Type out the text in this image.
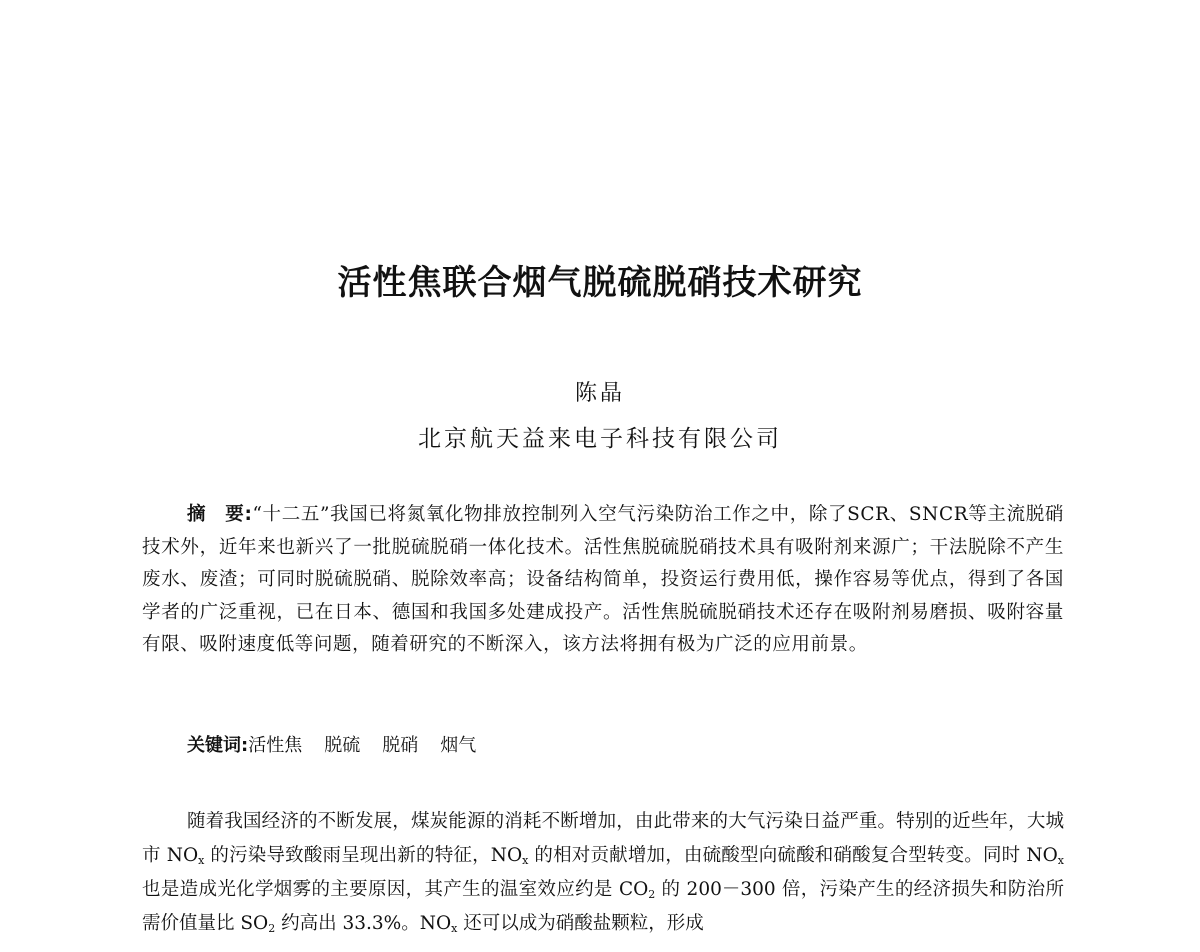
活性焦联合烟气脱硫脱硝技术研究
陈晶
北京航天益来电子科技有限公司
摘　要:“十二五”我国已将氮氧化物排放控制列入空气污染防治工作之中，除了SCR、SNCR等主流脱硝技术外，近年来也新兴了一批脱硫脱硝一体化技术。活性焦脱硫脱硝技术具有吸附剂来源广；干法脱除不产生废水、废渣；可同时脱硫脱硝、脱除效率高；设备结构简单，投资运行费用低，操作容易等优点，得到了各国学者的广泛重视，已在日本、德国和我国多处建成投产。活性焦脱硫脱硝技术还存在吸附剂易磨损、吸附容量有限、吸附速度低等问题，随着研究的不断深入，该方法将拥有极为广泛的应用前景。
关键词:活性焦 脱硫 脱硝 烟气
随着我国经济的不断发展，煤炭能源的消耗不断增加，由此带来的大气污染日益严重。特别的近些年，大城市 $NO_x$ 的污染导致酸雨呈现出新的特征，$NO_x$ 的相对贡献增加，由硫酸型向硫酸和硝酸复合型转变。同时 $NO_x$ 也是造成光化学烟雾的主要原因，其产生的温室效应约是 $CO_2$ 的 200－300 倍，污染产生的经济损失和防治所需价值量比 $SO_2$ 约高出 33.3%。$NO_x$ 还可以成为硝酸盐颗粒，形成
